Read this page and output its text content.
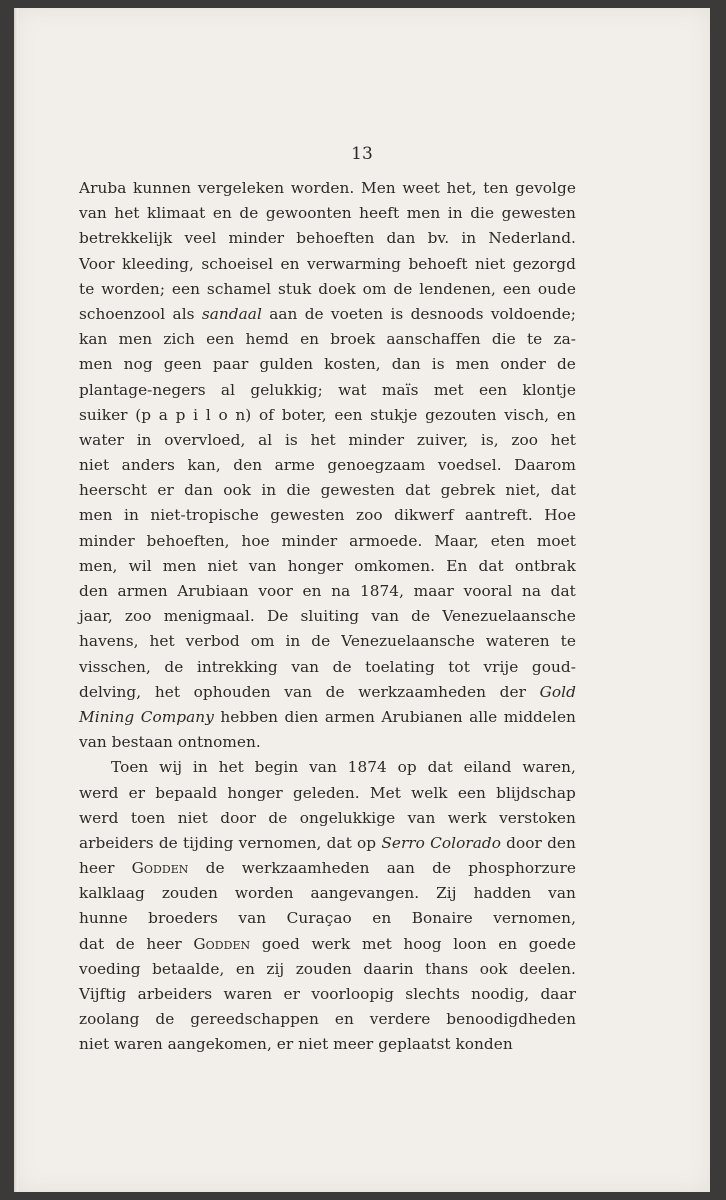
13
Aruba kunnen vergeleken worden. Men weet het, ten gevolge
van het klimaat en de gewoonten heeft men in die gewesten
betrekkelijk veel minder behoeften dan bv. in Nederland.
Voor kleeding, schoeisel en verwarming behoeft niet gezorgd
te worden; een schamel stuk doek om de lendenen, een oude
schoenzool als sandaal aan de voeten is desnoods voldoende;
kan men zich een hemd en broek aanschaffen die te za-
men nog geen paar gulden kosten, dan is men onder de
plantage-negers al gelukkig; wat maïs met een klontje
suiker (p a p i l o n) of boter, een stukje gezouten visch, en
water in overvloed, al is het minder zuiver, is, zoo het
niet anders kan, den arme genoegzaam voedsel. Daarom
heerscht er dan ook in die gewesten dat gebrek niet, dat
men in niet-tropische gewesten zoo dikwerf aantreft. Hoe
minder behoeften, hoe minder armoede. Maar, eten moet
men, wil men niet van honger omkomen. En dat ontbrak
den armen Arubiaan voor en na 1874, maar vooral na dat
jaar, zoo menigmaal. De sluiting van de Venezuelaansche
havens, het verbod om in de Venezuelaansche wateren te
visschen, de intrekking van de toelating tot vrije goud-
delving, het ophouden van de werkzaamheden der Gold
Mining Company hebben dien armen Arubianen alle middelen
van bestaan ontnomen.
Toen wij in het begin van 1874 op dat eiland waren,
werd er bepaald honger geleden. Met welk een blijdschap
werd toen niet door de ongelukkige van werk verstoken
arbeiders de tijding vernomen, dat op Serro Colorado door den
heer Godden de werkzaamheden aan de phosphorzure
kalklaag zouden worden aangevangen. Zij hadden van
hunne broeders van Curaçao en Bonaire vernomen,
dat de heer Godden goed werk met hoog loon en goede
voeding betaalde, en zij zouden daarin thans ook deelen.
Vijftig arbeiders waren er voorloopig slechts noodig, daar
zoolang de gereedschappen en verdere benoodigdheden
niet waren aangekomen, er niet meer geplaatst konden
